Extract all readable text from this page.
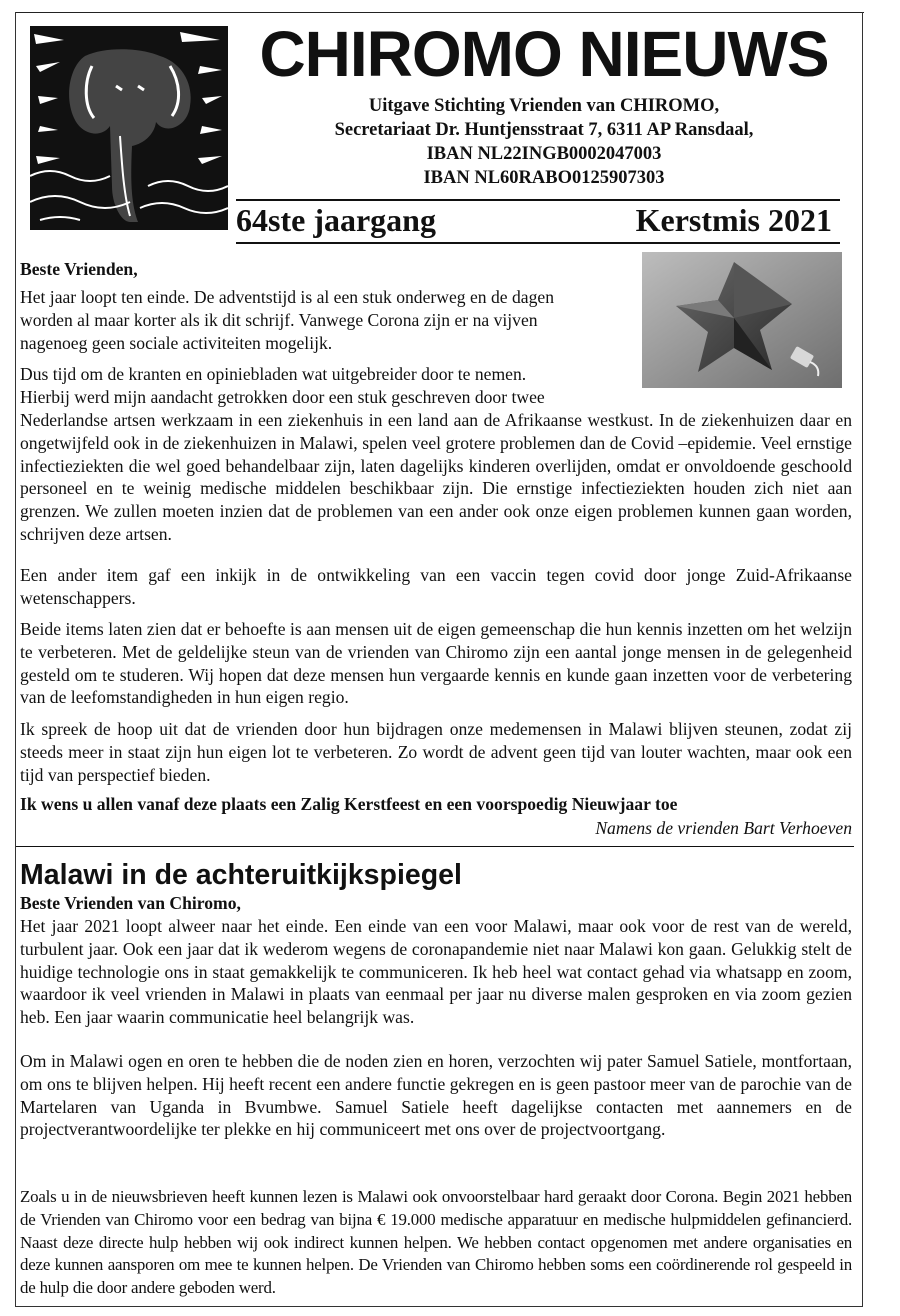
CHIROMO NIEUWS

Uitgave Stichting Vrienden van CHIROMO,

Secretariaat Dr. Huntjensstraat 7, 6311 AP Ransdaal,

IBAN NL22INGB0002047003

IBAN NL60RABO0125907303

64ste jaargang	Kerstmis 2021

Beste Vrienden,

Het jaar loopt ten einde. De adventstijd is al een stuk onderweg en de dagen

worden al maar korter als ik dit schrijf. Vanwege Corona zijn er na vijven

nagenoeg geen sociale activiteiten mogelijk.

Dus tijd om de kranten en opiniebladen wat uitgebreider door te nemen.

Hierbij werd mijn aandacht getrokken door een stuk geschreven door twee

Nederlandse artsen werkzaam in een ziekenhuis in een land aan de Afrikaanse westkust. In de ziekenhuizen daar en ongetwijfeld ook in de ziekenhuizen in Malawi, spelen veel grotere problemen dan de Covid –epidemie. Veel ernstige infectieziekten die wel goed behandelbaar zijn, laten dagelijks kinderen overlijden, omdat er onvoldoende geschoold personeel en te weinig medische middelen beschikbaar zijn. Die ernstige infectieziekten houden zich niet aan grenzen. We zullen moeten inzien dat de problemen van een ander ook onze eigen problemen kunnen gaan worden, schrijven deze artsen.

Een ander item gaf een inkijk in de ontwikkeling van een vaccin tegen covid door jonge Zuid-Afrikaanse wetenschappers.

Beide items laten zien dat er behoefte is aan mensen uit de eigen gemeenschap die hun kennis inzetten om het welzijn te verbeteren. Met de geldelijke steun van de vrienden van Chiromo zijn een aantal jonge mensen in de gelegenheid gesteld om te studeren. Wij hopen dat deze mensen hun vergaarde kennis en kunde gaan inzetten voor de verbetering van de leefomstandigheden in hun eigen regio.

Ik spreek de hoop uit dat de vrienden door hun bijdragen onze medemensen in Malawi blijven steunen, zodat zij steeds meer in staat zijn hun eigen lot te verbeteren. Zo wordt de advent geen tijd van louter wachten, maar ook een tijd van perspectief bieden.

Ik wens u allen vanaf deze plaats een Zalig Kerstfeest en een voorspoedig Nieuwjaar toe

Namens de vrienden Bart Verhoeven
Malawi in de achteruitkijkspiegel

Beste Vrienden van Chiromo,

Het jaar 2021 loopt alweer naar het einde. Een einde van een voor Malawi, maar ook voor de rest van de wereld, turbulent jaar. Ook een jaar dat ik wederom wegens de coronapandemie niet naar Malawi kon gaan. Gelukkig stelt de huidige technologie ons in staat gemakkelijk te communiceren. Ik heb heel wat contact gehad via whatsapp en zoom, waardoor ik veel vrienden in Malawi in plaats van eenmaal per jaar nu diverse malen gesproken en via zoom gezien heb. Een jaar waarin communicatie heel belangrijk was.

Om in Malawi ogen en oren te hebben die de noden zien en horen, verzochten wij pater Samuel Satiele, montfortaan, om ons te blijven helpen. Hij heeft recent een andere functie gekregen en is geen pastoor meer van de parochie van de Martelaren van Uganda in Bvumbwe. Samuel Satiele heeft dagelijkse contacten met aannemers en de projectverantwoordelijke ter plekke en hij communiceert met ons over de projectvoortgang.

Zoals u in de nieuwsbrieven heeft kunnen lezen is Malawi ook onvoorstelbaar hard geraakt door Corona. Begin 2021 hebben de Vrienden van Chiromo voor een bedrag van bijna € 19.000 medische apparatuur en medische hulpmiddelen gefinancierd. Naast deze directe hulp hebben wij ook indirect kunnen helpen. We hebben contact opgenomen met andere organisaties en deze kunnen aansporen om mee te kunnen helpen. De Vrienden van Chiromo hebben soms een coördinerende rol gespeeld in de hulp die door andere geboden werd.
